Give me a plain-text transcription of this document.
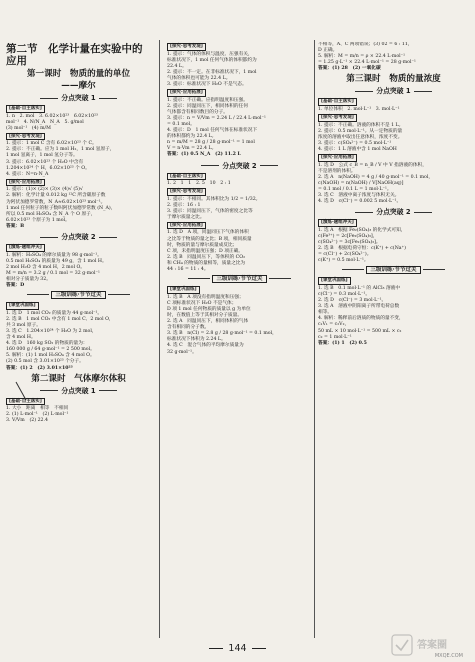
第二节　化学计量在实验中的应用
第一课时　物质的量的单位
——摩尔
分点突破 1
[基础·自主落实]

1. n　2. mol　3. 6.02×10²³　6.02×10²³

mol⁻¹　4. N/N_A　N_A　5. g/mol

(3) mol⁻¹　(4) m/M

[探究·思考发现]

1. 提示：1 mol C 含有 6.02×10²³ 个 C。

2. 提示：不正确。应为 1 mol H₂，1 mol 氢原子，

1 mol 氢离子，1 mol 氢分子等。

3. 提示：6.02×10²³ 个 H₂O 中含有

1.204×10²⁴ 个 H，6.02×10²³ 个 O。

4. 提示：N=n·N_A

[探究·应用拓展]

1. 提示：(1)× (2)× (3)× (4)√ (5)√

2. 解析：化学计量 0.012 kg ¹²C 所含碳原子数

为阿伏加德罗常数，N_A≈6.02×10²³ mol⁻¹。

1 mol 任何粒子的粒子数叫阿伏加德罗常数 (N_A)，

所以 0.5 mol H₂SO₄ 含 N_A 个 O 原子，

6.02×10²³ 个原子为 1 mol。

答案：B

分点突破 2
[演练·题组冲关]

1. 解析：H₂SO₄ 的摩尔质量为 98 g·mol⁻¹。

0.5 mol H₂SO₄ 的质量为 49 g，含 1 mol H。

2 mol H₂O 含 4 mol H，2 mol O。

M = m/n = 3.2 g / 0.1 mol = 32 g·mol⁻¹

相对分子质量为 32。

答案：D

三级训练·节节过关
[课堂巩固练]

1. 选 D　1 mol CO₂ 的质量为 44 g·mol⁻¹。

2. 选 B　1 mol CO₂ 中含有 1 mol C、2 mol O，

共 3 mol 原子。

3. 选 C　1.204×10²⁴ 个 H₂O 为 2 mol，

含 4 mol H。

4. 选 D　160 kg SO₂ 的物质的量为：

160 000 g / 64 g·mol⁻¹ = 2 500 mol。

5. 解析：(1) 1 mol H₂SO₄ 含 4 mol O。

(2) 0.5 mol 含 3.01×10²³ 个分子。

答案：(1) 2　(2) 3.01×10²³

第二课时　气体摩尔体积
分点突破 1
[基础·自主落实]

1. 大小　距离　相等　不相同

2. (1) L·mol⁻¹　(2) L·mol⁻¹

3. V/Vm　(2) 22.4

[探究·思考发现]

1. 提示：气体的体积与温度、压强有关，

标准状况下，1 mol 任何气体的体积都约为

22.4 L。

2. 提示：不一定。在非标准状况下，1 mol

气体的体积也可能为 22.4 L。

3. 提示：标准状况下 H₂O 不是气态。

[探究·应用拓展]

1. 提示：不正确。应指明温度和压强。

2. 提示：同温同压下，相同体积的任何

气体都含有相同数目的分子。

3. 提示：n = V/Vm = 2.24 L / 22.4 L·mol⁻¹

= 0.1 mol。

4. 提示：D　1 mol 任何气体在标准状况下

的体积都约为 22.4 L。

n = m/M = 28 g / 28 g·mol⁻¹ = 1 mol

V = n·Vm = 22.4 L。

答案：(1) 0.5 N_A　(2) 11.2 L

分点突破 2
[基础·自主落实]

1. 2　1　1　2. 5　10　2 : 1

[探究·思考发现]

1. 提示：不相同。其体积比为 1/2 = 1/32。

2. 提示：16 : 1

3. 提示：同温同压下，气体的密度之比等

于摩尔质量之比。

[探究·应用拓展]

1. 选 D　A 项，同温同压下气体的体积

之比等于物质的量之比；B 项，相同质量

时，物质的量与摩尔质量成反比；

C 项，未指明温度压强；D 项正确。

2. 选 B　同温同压下，等体积的 CO₂

和 CH₄ 的物质的量相等，质量之比为

44 : 16 = 11 : 4。

三级训练·节节过关
[课堂巩固练]

1. 选 B　A 项没有指明温度和压强；

C 项标准状况下 H₂O 不是气体；

D 项 1 mol 任何物质的质量以 g 为单位

时，在数值上等于其相对分子质量。

2. 选 A　同温同压下，相同体积的气体

含有相同的分子数。

3. 选 B　n(Cl) = 2.8 g / 28 g·mol⁻¹ = 0.1 mol，

标准状况下体积为 2.24 L。

4. 选 C　混合气体的平均摩尔质量为

32 g·mol⁻¹。

不相等，A、C 两项错误；(3) 02 = 6 : 11，

D 正确。

5. 解析：M = m/n = ρ × 22.4 L·mol⁻¹

= 1.25 g·L⁻¹ × 22.4 L·mol⁻¹ = 28 g·mol⁻¹

答案：(1) 28　(2) 一氧化碳

第三课时　物质的量浓度
分点突破 1
[基础·自主落实]

1. 单位体积　2. mol·L⁻¹　3. mol·L⁻¹

[探究·思考发现]

1. 提示：不正确。溶液的体积不是 1 L。

2. 提示：0.5 mol·L⁻¹。从一定物质的量

浓度的溶液中取出任意体积，浓度不变。

3. 提示：c(SO₄²⁻) = 0.5 mol·L⁻¹

4. 提示：1 L 溶液中含 1 mol NaOH

[探究·应用拓展]

1. 选 D　公式 c_B = n_B / V 中 V 指溶液的体积，

不是溶剂的体积。

2. 选 A　n(NaOH) = 4 g / 40 g·mol⁻¹ = 0.1 mol，

c(NaOH) = n(NaOH) / V[NaOH(aq)]

= 0.1 mol / 0.1 L = 1 mol·L⁻¹。

3. 选 C　溶液中离子浓度与体积无关。

4. 选 D　c(Cl⁻) = 0.002 5 mol·L⁻¹。

分点突破 2
[演练·题组冲关]

1. 选 A　根据 Fe₂(SO₄)₃ 的化学式可知，

c(Fe³⁺) = 2c[Fe₂(SO₄)₃]，

c(SO₄²⁻) = 3c[Fe₂(SO₄)₃]。

2. 选 B　根据电荷守恒：c(K⁺) + c(Na⁺)

= c(Cl⁻) + 2c(SO₄²⁻)。

c(K⁺) = 0.5 mol·L⁻¹。

三级训练·节节过关
[课堂巩固练]

1. 选 B　0.1 mol·L⁻¹ 的 AlCl₃ 溶液中

c(Cl⁻) = 0.3 mol·L⁻¹。

2. 选 D　c(Cl⁻) = 3 mol·L⁻¹。

3. 选 A　溶液中阴阳离子所带电荷总数

相等。

4. 解析：稀释前后溶质的物质的量不变，

c₁V₁ = c₂V₂，

50 mL × 10 mol·L⁻¹ = 500 mL × c₂

c₂ = 1 mol·L⁻¹

答案：(1) 1　(2) 0.5

144	答案圈
MXQE.COM
